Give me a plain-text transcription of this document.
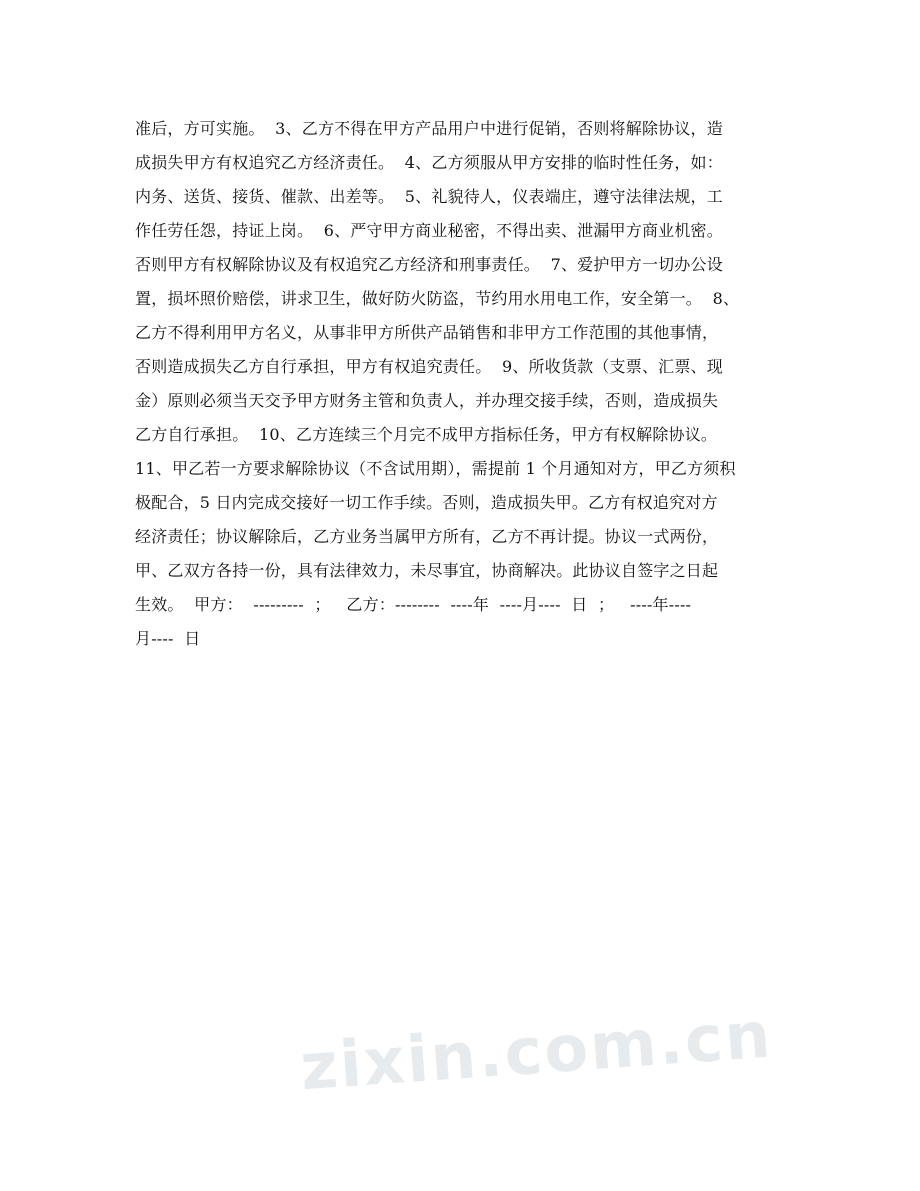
准后，方可实施。  3、乙方不得在甲方产品用户中进行促销，否则将解除协议，造
成损失甲方有权追究乙方经济责任。  4、乙方须服从甲方安排的临时性任务，如：
内务、送货、接货、催款、出差等。  5、礼貌待人，仪表端庄，遵守法律法规，工
作任劳任怨，持证上岗。  6、严守甲方商业秘密，不得出卖、泄漏甲方商业机密。
否则甲方有权解除协议及有权追究乙方经济和刑事责任。  7、爱护甲方一切办公设
置，损坏照价赔偿，讲求卫生，做好防火防盗，节约用水用电工作，安全第一。  8、
乙方不得利用甲方名义，从事非甲方所供产品销售和非甲方工作范围的其他事情，
否则造成损失乙方自行承担，甲方有权追究责任。  9、所收货款（支票、汇票、现
金）原则必须当天交予甲方财务主管和负责人，并办理交接手续，否则，造成损失
乙方自行承担。  10、乙方连续三个月完不成甲方指标任务，甲方有权解除协议。
11、甲乙若一方要求解除协议（不含试用期），需提前 1 个月通知对方，甲乙方须积
极配合，5 日内完成交接好一切工作手续。否则，造成损失甲。乙方有权追究对方
经济责任；协议解除后，乙方业务当属甲方所有，乙方不再计提。协议一式两份，
甲、乙双方各持一份，具有法律效力，未尽事宜，协商解决。此协议自签字之日起
生效。  甲方：  ---------  ；   乙方：--------  ----年  ----月----  日  ；   ----年----
月----  日
zixin.com.cn
